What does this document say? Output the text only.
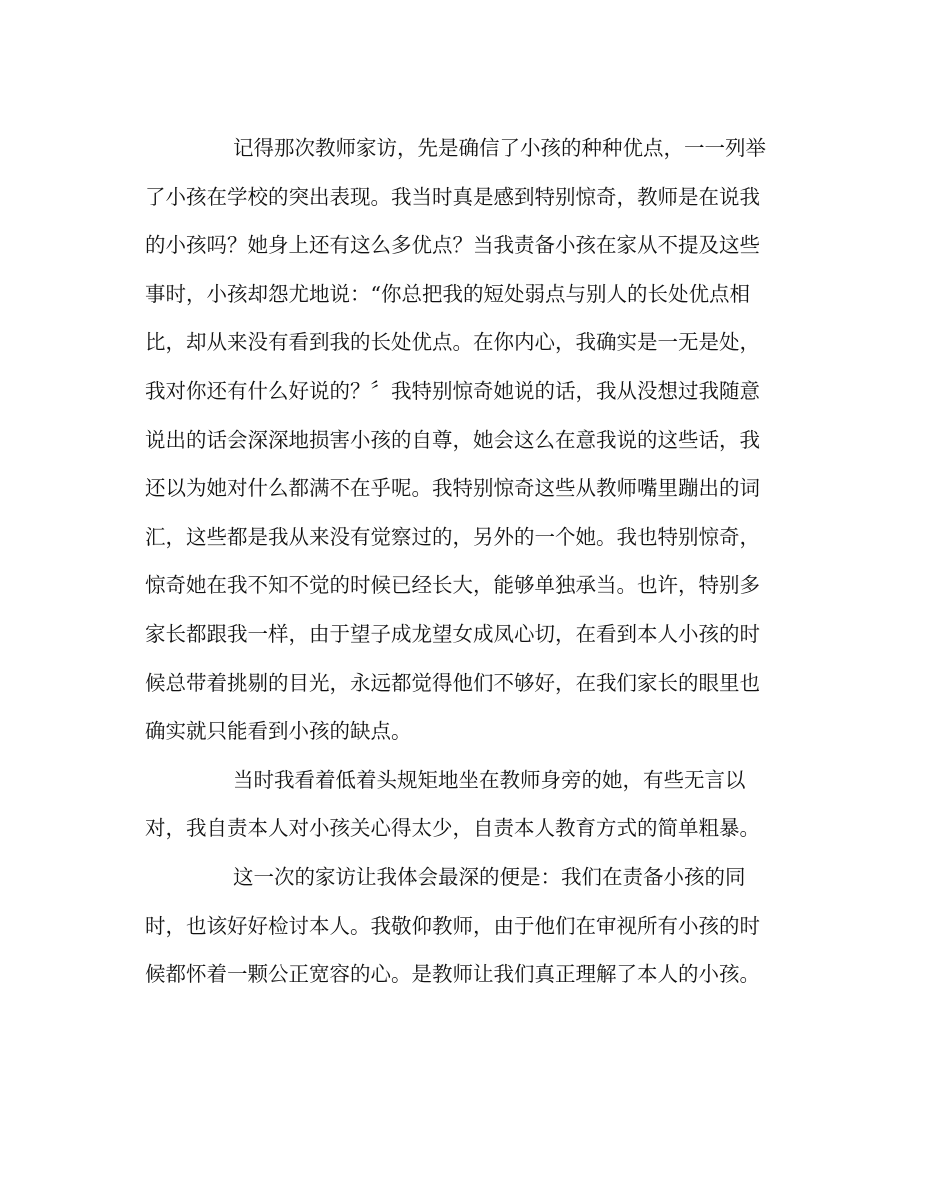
记得那次教师家访，先是确信了小孩的种种优点，一一列举
了小孩在学校的突出表现。我当时真是感到特别惊奇，教师是在说我
的小孩吗？她身上还有这么多优点？当我责备小孩在家从不提及这些
事时，小孩却怨尤地说：“你总把我的短处弱点与别人的长处优点相
比，却从来没有看到我的长处优点。在你内心，我确实是一无是处，
我对你还有什么好说的？〞我特别惊奇她说的话，我从没想过我随意
说出的话会深深地损害小孩的自尊，她会这么在意我说的这些话，我
还以为她对什么都满不在乎呢。我特别惊奇这些从教师嘴里蹦出的词
汇，这些都是我从来没有觉察过的，另外的一个她。我也特别惊奇，
惊奇她在我不知不觉的时候已经长大，能够单独承当。也许，特别多
家长都跟我一样，由于望子成龙望女成凤心切，在看到本人小孩的时
候总带着挑剔的目光，永远都觉得他们不够好，在我们家长的眼里也
确实就只能看到小孩的缺点。
当时我看着低着头规矩地坐在教师身旁的她，有些无言以
对，我自责本人对小孩关心得太少，自责本人教育方式的简单粗暴。
这一次的家访让我体会最深的便是：我们在责备小孩的同
时，也该好好检讨本人。我敬仰教师，由于他们在审视所有小孩的时
候都怀着一颗公正宽容的心。是教师让我们真正理解了本人的小孩。
